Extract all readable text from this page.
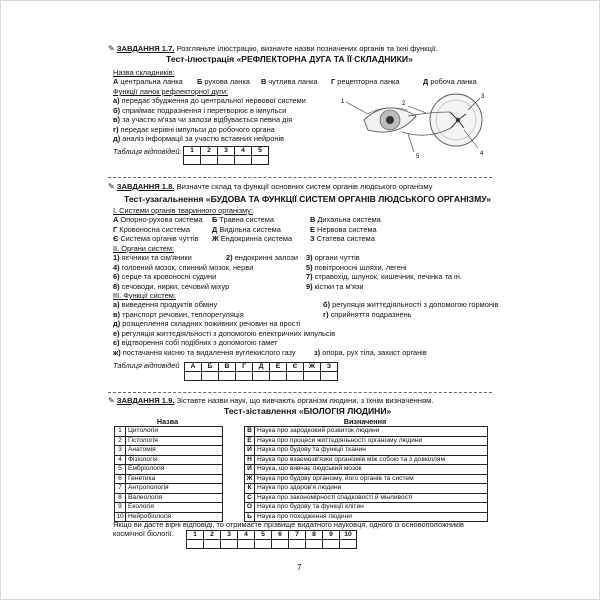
✎ ЗАВДАННЯ 1.7. Розгляньте ілюстрацію, визначте назви позначених органів та їхні функції.
Тест-ілюстрація «РЕФЛЕКТОРНА ДУГА ТА ЇЇ СКЛАДНИКИ»
Назва складників:
А центральна ланка Б рухова ланка В чутлива ланка Г рецепторна ланка	Д робоча ланка
Функції ланок рефлекторної дуги:
а) передає збудження до центральної нервової системи
б) сприймає подразнення і перетворює в імпульси
в) за участю м'яза чи залози відбувається певна дія
г) передає керівні імпульси до робочого органа
д) аналіз інформації за участю вставних нейронів
Таблиця відповідей: 1	2	3	4	5

1	2
3
4
5
✎ ЗАВДАННЯ 1.8. Визначте склад та функції основних систем органів людського організму
Тест-узагальнення «БУДОВА ТА ФУНКЦІЇ СИСТЕМ ОРГАНІВ ЛЮДСЬКОГО ОРГАНІЗМУ»
І. Системи органів тваринного організму:
А Опорно-рухова система Б Травна система	В Дихальна система
Г Кровоносна система	Д Видільна система	Е Нервова система
Є Система органів чуттів Ж Ендокринна система З Статева система
ІІ. Органи систем:
1) яєчники та сім'яники	2) ендокринні залози 3) органи чуттів
4) головний мозок, спинний мозок, нерви	5) повітроносні шляхи, легені
6) серце та кровоносні судини	7) стравохід, шлунок, кишечник, печінка та ін.
8) сечоводи, нирки, сечовий міхур	9) кістки та м'язи
ІІІ. Функції систем:
а) виведення продуктів обміну	б) регуляція життєдіяльності з допомогою гормонів
в) транспорт речовин, теплорегуляція	г) сприйняття подразнень
д) розщеплення складних поживних речовин на прості
е) регуляція життєдіяльності з допомогою електричних імпульсів
є) відтворення собі подібних з допомогою гамет
ж) постачання кисню та видалення вуглекислого газу з) опора, рух тіла, захист органів
Таблиця відповідей А	Б	В	Г	Д	Е	Є	Ж	З

✎ ЗАВДАННЯ 1.9. Зіставте назви наук, що вивчають організм людини, з їхнім визначенням.
Тест-зіставлення «БІОЛОГІЯ ЛЮДИНИ»
Назва	Визначення
1	Цитологія
2	Гістологія
3	Анатомія
4	Фізіологія
5	Ембріологія
6	Генетика
7	Антропологія
8	Валеологія
9	Екологія
10	Нейробіологія
В	Наука про зародковий розвиток людини
Е	Наука про процеси життєдіяльності організму людини
И	Наука про будову та функції тканин
Н	Наука про взаємозв'язки організмів між собою та з довкіллям
Й	Наука, що вивчає людський мозок
Ж	Наука про будову організму, його органів та систем
К	Наука про здоров'я людини
С	Наука про закономірності спадковості й мінливості
О	Наука про будову та функції клітин
Ь	Наука про походження людини
Якщо ви дасте вірні відповіді, то отримаєте прізвище видатного науковця, одного із основоположників
космічної біології.	1	2	3	4	5	6	7	8	9	10

7
